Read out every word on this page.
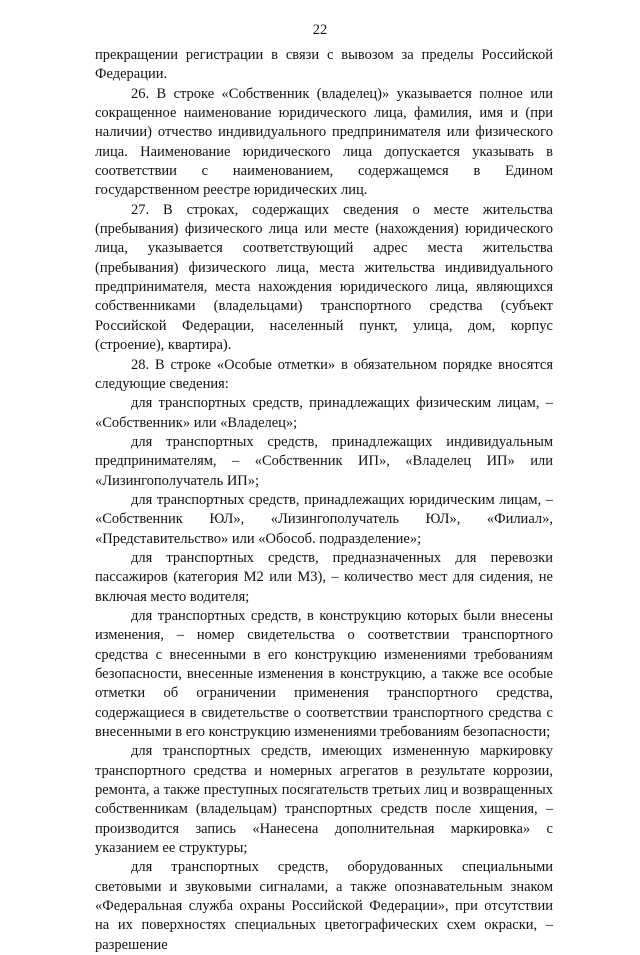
22

прекращении регистрации в связи с вывозом за пределы Российской Федерации.

26. В строке «Собственник (владелец)» указывается полное или сокращенное наименование юридического лица, фамилия, имя и (при наличии) отчество индивидуального предпринимателя или физического лица. Наименование юридического лица допускается указывать в соответствии с наименованием, содержащемся в Едином государственном реестре юридических лиц.

27. В строках, содержащих сведения о месте жительства (пребывания) физического лица или месте (нахождения) юридического лица, указывается соответствующий адрес места жительства (пребывания) физического лица, места жительства индивидуального предпринимателя, места нахождения юридического лица, являющихся собственниками (владельцами) транспортного средства (субъект Российской Федерации, населенный пункт, улица, дом, корпус (строение), квартира).

28. В строке «Особые отметки» в обязательном порядке вносятся следующие сведения:

для транспортных средств, принадлежащих физическим лицам, – «Собственник» или «Владелец»;

для транспортных средств, принадлежащих индивидуальным предпринимателям, – «Собственник ИП», «Владелец ИП» или «Лизингополучатель ИП»;

для транспортных средств, принадлежащих юридическим лицам, – «Собственник ЮЛ», «Лизингополучатель ЮЛ», «Филиал», «Представительство» или «Обособ. подразделение»;

для транспортных средств, предназначенных для перевозки пассажиров (категория М2 или М3), – количество мест для сидения, не включая место водителя;

для транспортных средств, в конструкцию которых были внесены изменения, – номер свидетельства о соответствии транспортного средства с внесенными в его конструкцию изменениями требованиям безопасности, внесенные изменения в конструкцию, а также все особые отметки об ограничении применения транспортного средства, содержащиеся в свидетельстве о соответствии транспортного средства с внесенными в его конструкцию изменениями требованиям безопасности;

для транспортных средств, имеющих измененную маркировку транспортного средства и номерных агрегатов в результате коррозии, ремонта, а также преступных посягательств третьих лиц и возвращенных собственникам (владельцам) транспортных средств после хищения, – производится запись «Нанесена дополнительная маркировка» с указанием ее структуры;

для транспортных средств, оборудованных специальными световыми и звуковыми сигналами, а также опознавательным знаком «Федеральная служба охраны Российской Федерации», при отсутствии на их поверхностях специальных цветографических схем окраски, – разрешение
